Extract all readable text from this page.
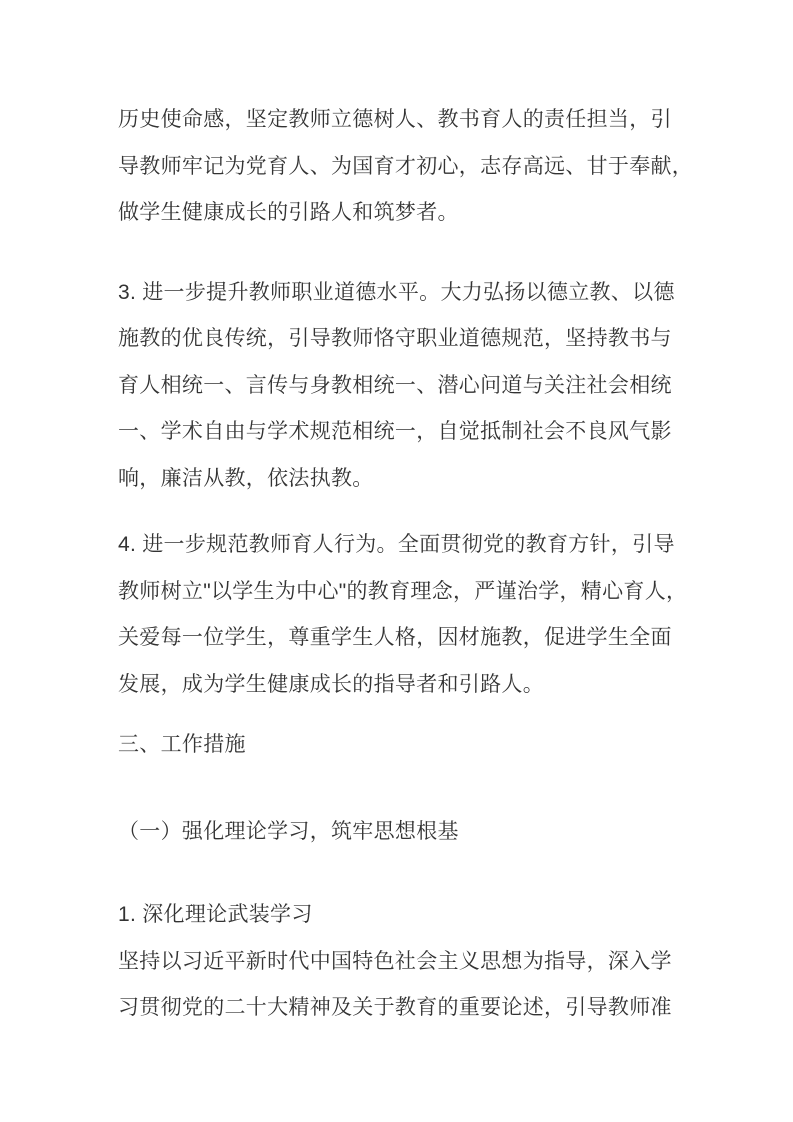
历史使命感，坚定教师立德树人、教书育人的责任担当，引
导教师牢记为党育人、为国育才初心，志存高远、甘于奉献，
做学生健康成长的引路人和筑梦者。
3. 进一步提升教师职业道德水平。大力弘扬以德立教、以德
施教的优良传统，引导教师恪守职业道德规范，坚持教书与
育人相统一、言传与身教相统一、潜心问道与关注社会相统
一、学术自由与学术规范相统一，自觉抵制社会不良风气影
响，廉洁从教，依法执教。
4. 进一步规范教师育人行为。全面贯彻党的教育方针，引导
教师树立"以学生为中心"的教育理念，严谨治学，精心育人，
关爱每一位学生，尊重学生人格，因材施教，促进学生全面
发展，成为学生健康成长的指导者和引路人。
三、工作措施
（一）强化理论学习，筑牢思想根基
1. 深化理论武装学习
坚持以习近平新时代中国特色社会主义思想为指导，深入学
习贯彻党的二十大精神及关于教育的重要论述，引导教师准
